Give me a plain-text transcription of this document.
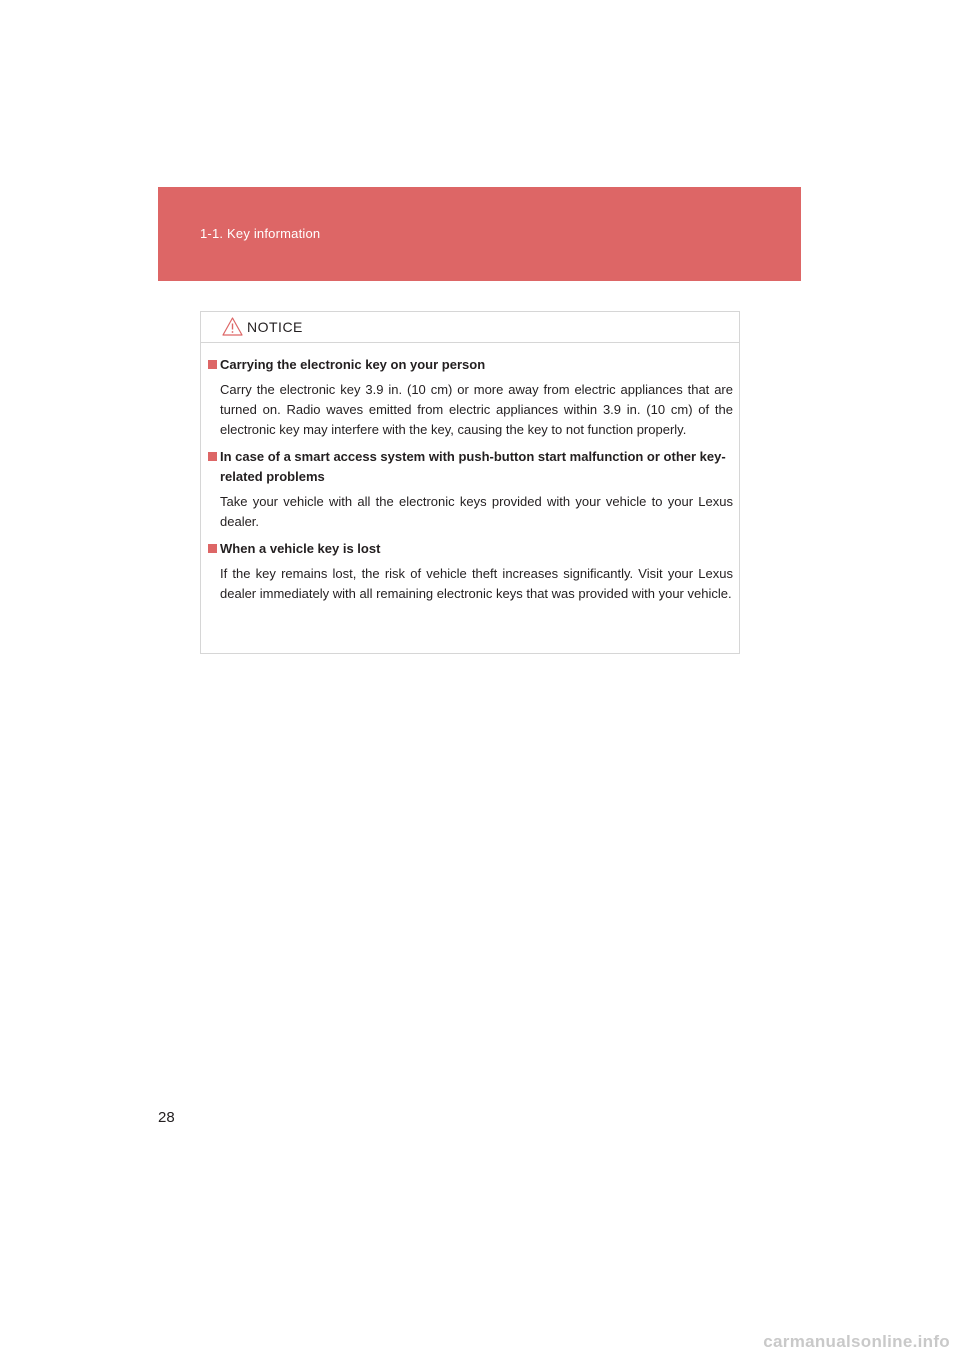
1-1. Key information
NOTICE
Carrying the electronic key on your person
Carry the electronic key 3.9 in. (10 cm) or more away from electric appliances that are turned on. Radio waves emitted from electric appliances within 3.9 in. (10 cm) of the electronic key may interfere with the key, causing the key to not function properly.
In case of a smart access system with push-button start malfunction or other key-related problems
Take your vehicle with all the electronic keys provided with your vehicle to your Lexus dealer.
When a vehicle key is lost
If the key remains lost, the risk of vehicle theft increases significantly. Visit your Lexus dealer immediately with all remaining electronic keys that was provided with your vehicle.
28
carmanualsonline.info
